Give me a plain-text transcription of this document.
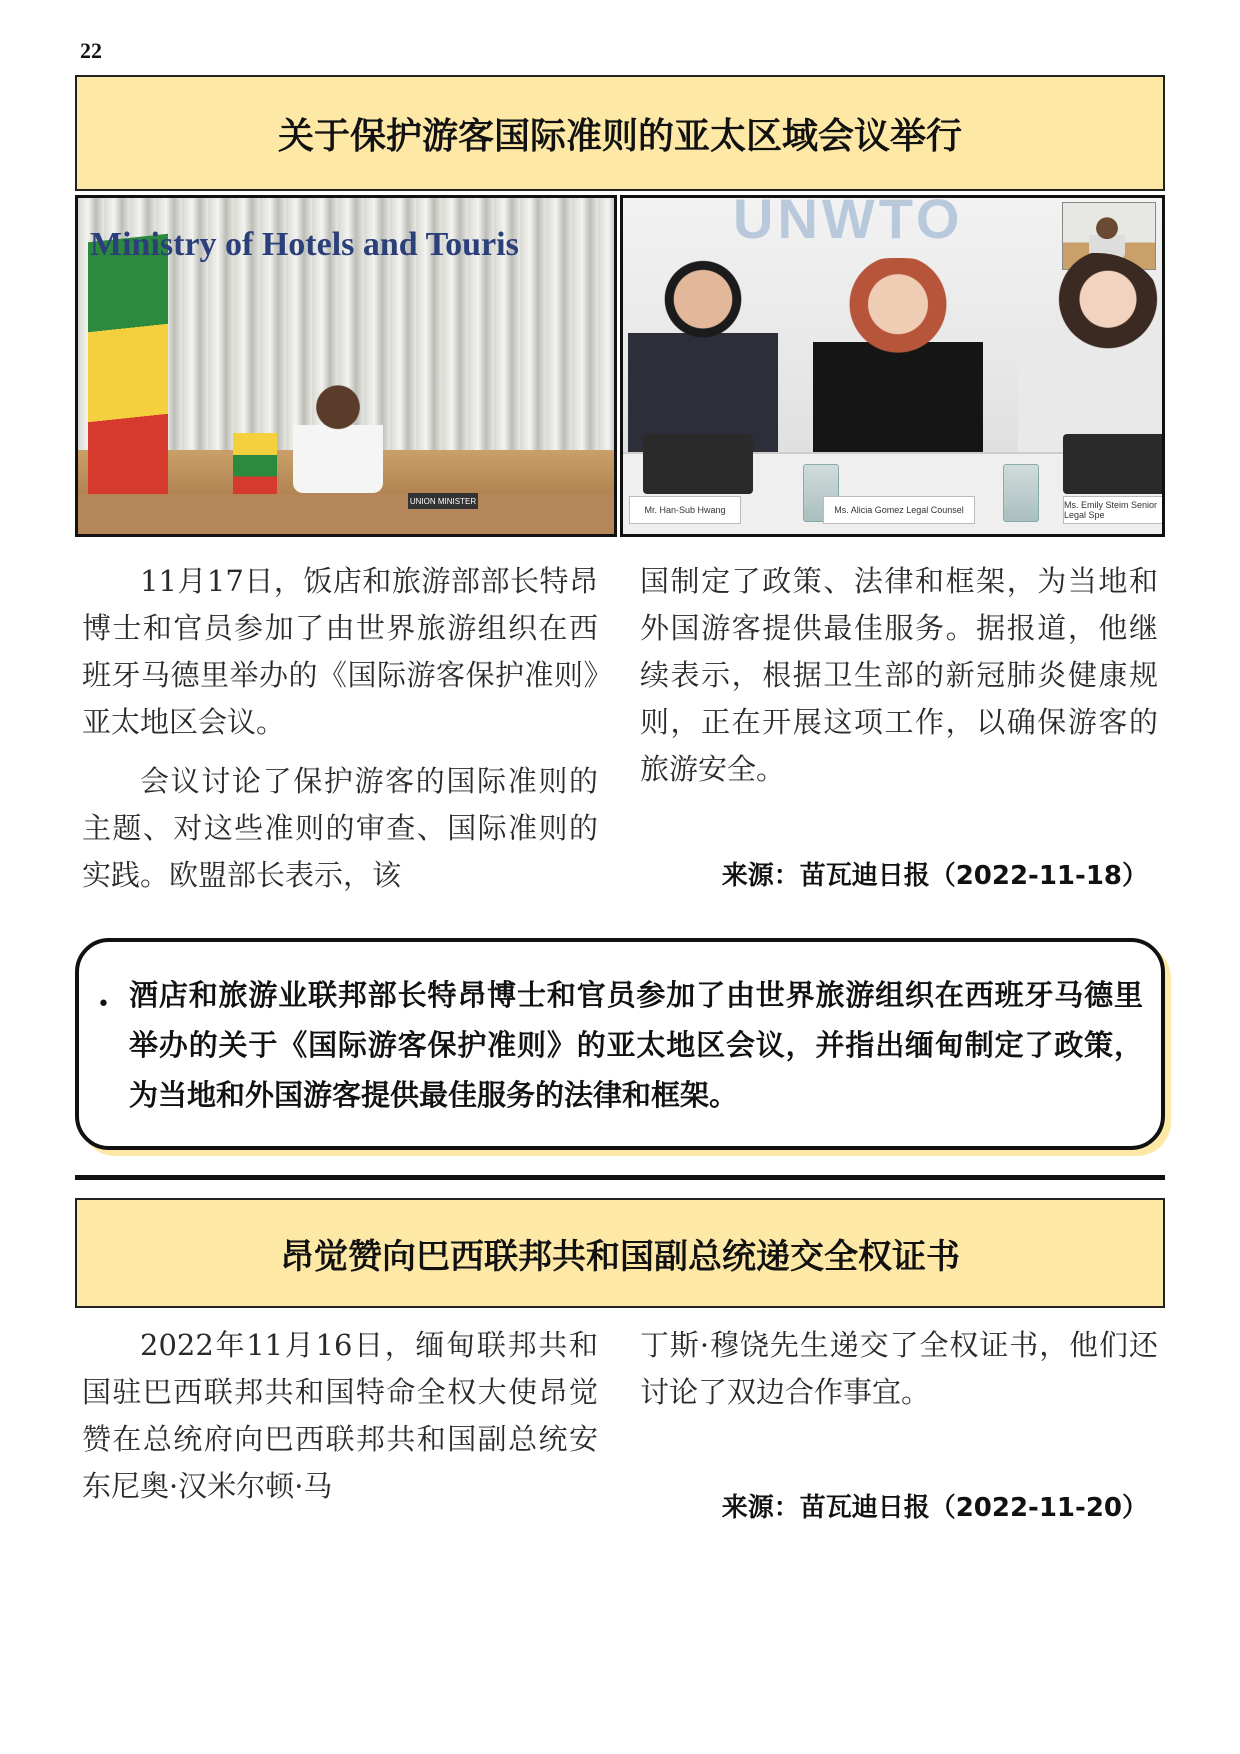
22
关于保护游客国际准则的亚太区域会议举行
Ministry of Hotels and Touris
UNION MINISTER
UNWTO
Mr. Han-Sub Hwang	Ms. Alicia Gomez Legal Counsel	Ms. Emily Steim Senior Legal Spe

11月17日，饭店和旅游部部长特昂博士和官员参加了由世界旅游组织在西班牙马德里举办的《国际游客保护准则》亚太地区会议。

会议讨论了保护游客的国际准则的主题、对这些准则的审查、国际准则的实践。欧盟部长表示，该

国制定了政策、法律和框架，为当地和外国游客提供最佳服务。据报道，他继续表示，根据卫生部的新冠肺炎健康规则，正在开展这项工作，以确保游客的旅游安全。

来源：苗瓦迪日报（2022-11-18）
• 酒店和旅游业联邦部长特昂博士和官员参加了由世界旅游组织在西班牙马德里举办的关于《国际游客保护准则》的亚太地区会议，并指出缅甸制定了政策，为当地和外国游客提供最佳服务的法律和框架。
昂觉赞向巴西联邦共和国副总统递交全权证书

2022年11月16日，缅甸联邦共和国驻巴西联邦共和国特命全权大使昂觉赞在总统府向巴西联邦共和国副总统安东尼奥·汉米尔顿·马

丁斯·穆饶先生递交了全权证书，他们还讨论了双边合作事宜。

来源：苗瓦迪日报（2022-11-20）
